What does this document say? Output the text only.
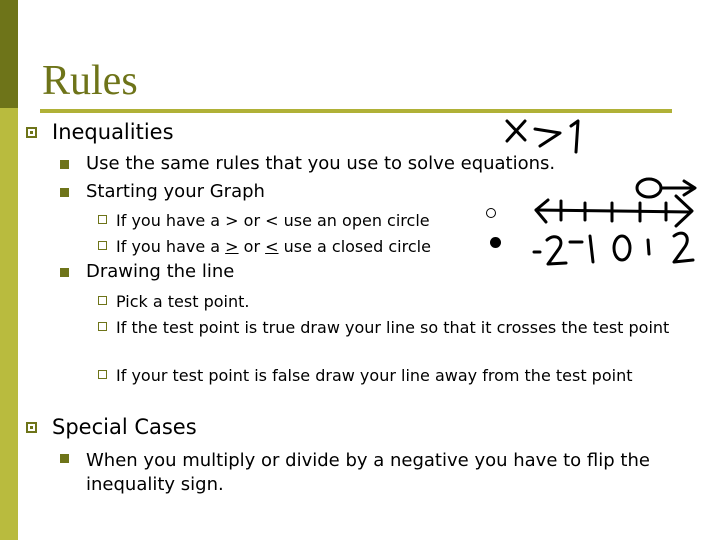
Rules
Inequalities
Use the same rules that you use to solve equations.
Starting your Graph
If you have a > or < use an open circle
If you have a > or < use a closed circle
Drawing the line
Pick a test point.
If the test point is true draw your line so that it crosses the test point
If your test point is false draw your line away from the test point
Special Cases
When you multiply or divide by a negative you have to flip the inequality sign.
